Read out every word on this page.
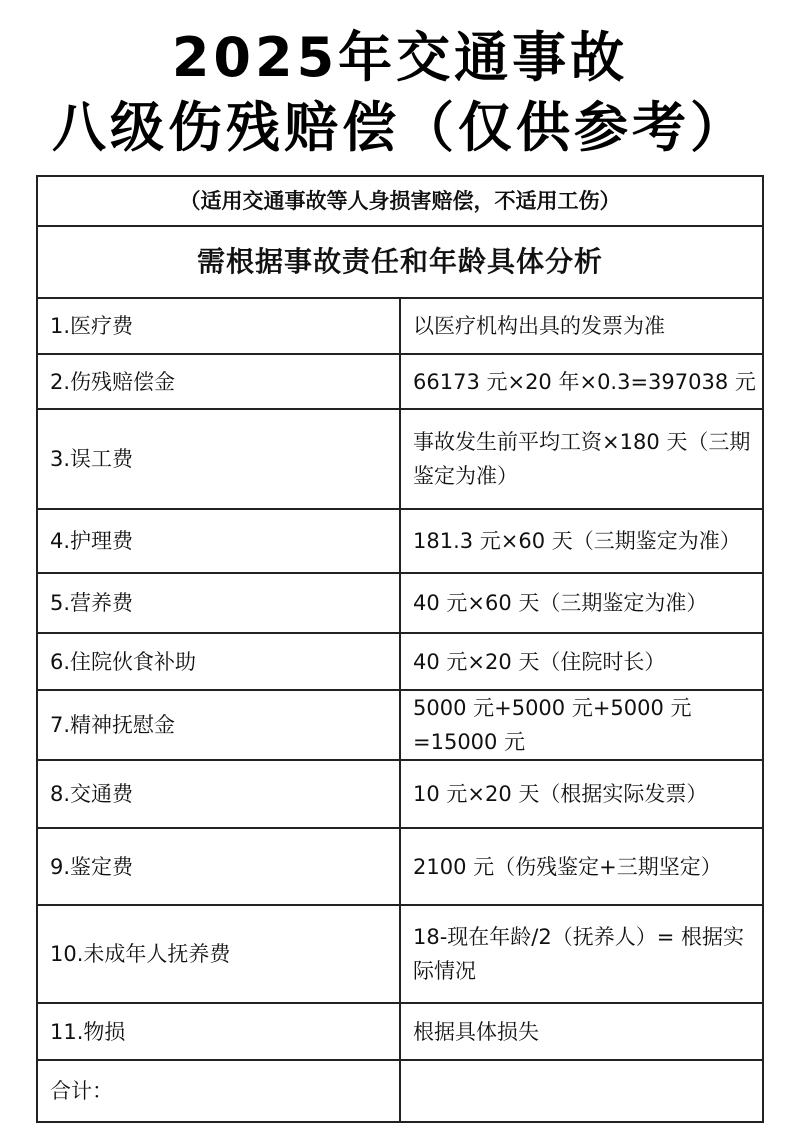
2025年交通事故
八级伤残赔偿（仅供参考）
（适用交通事故等人身损害赔偿，不适用工伤）	
需根据事故责任和年龄具体分析	
1.医疗费	以医疗机构出具的发票为准
2.伤残赔偿金	66173 元×20 年×0.3=397038 元
3.误工费	事故发生前平均工资×180 天（三期鉴定为准）
4.护理费	181.3 元×60 天（三期鉴定为准）
5.营养费	40 元×60 天（三期鉴定为准）
6.住院伙食补助	40 元×20 天（住院时长）
7.精神抚慰金	5000 元+5000 元+5000 元=15000 元
8.交通费	10 元×20 天（根据实际发票）
9.鉴定费	2100 元（伤残鉴定+三期坚定）
10.未成年人抚养费	18-现在年龄/2（抚养人）= 根据实际情况
11.物损	根据具体损失
合计：	
